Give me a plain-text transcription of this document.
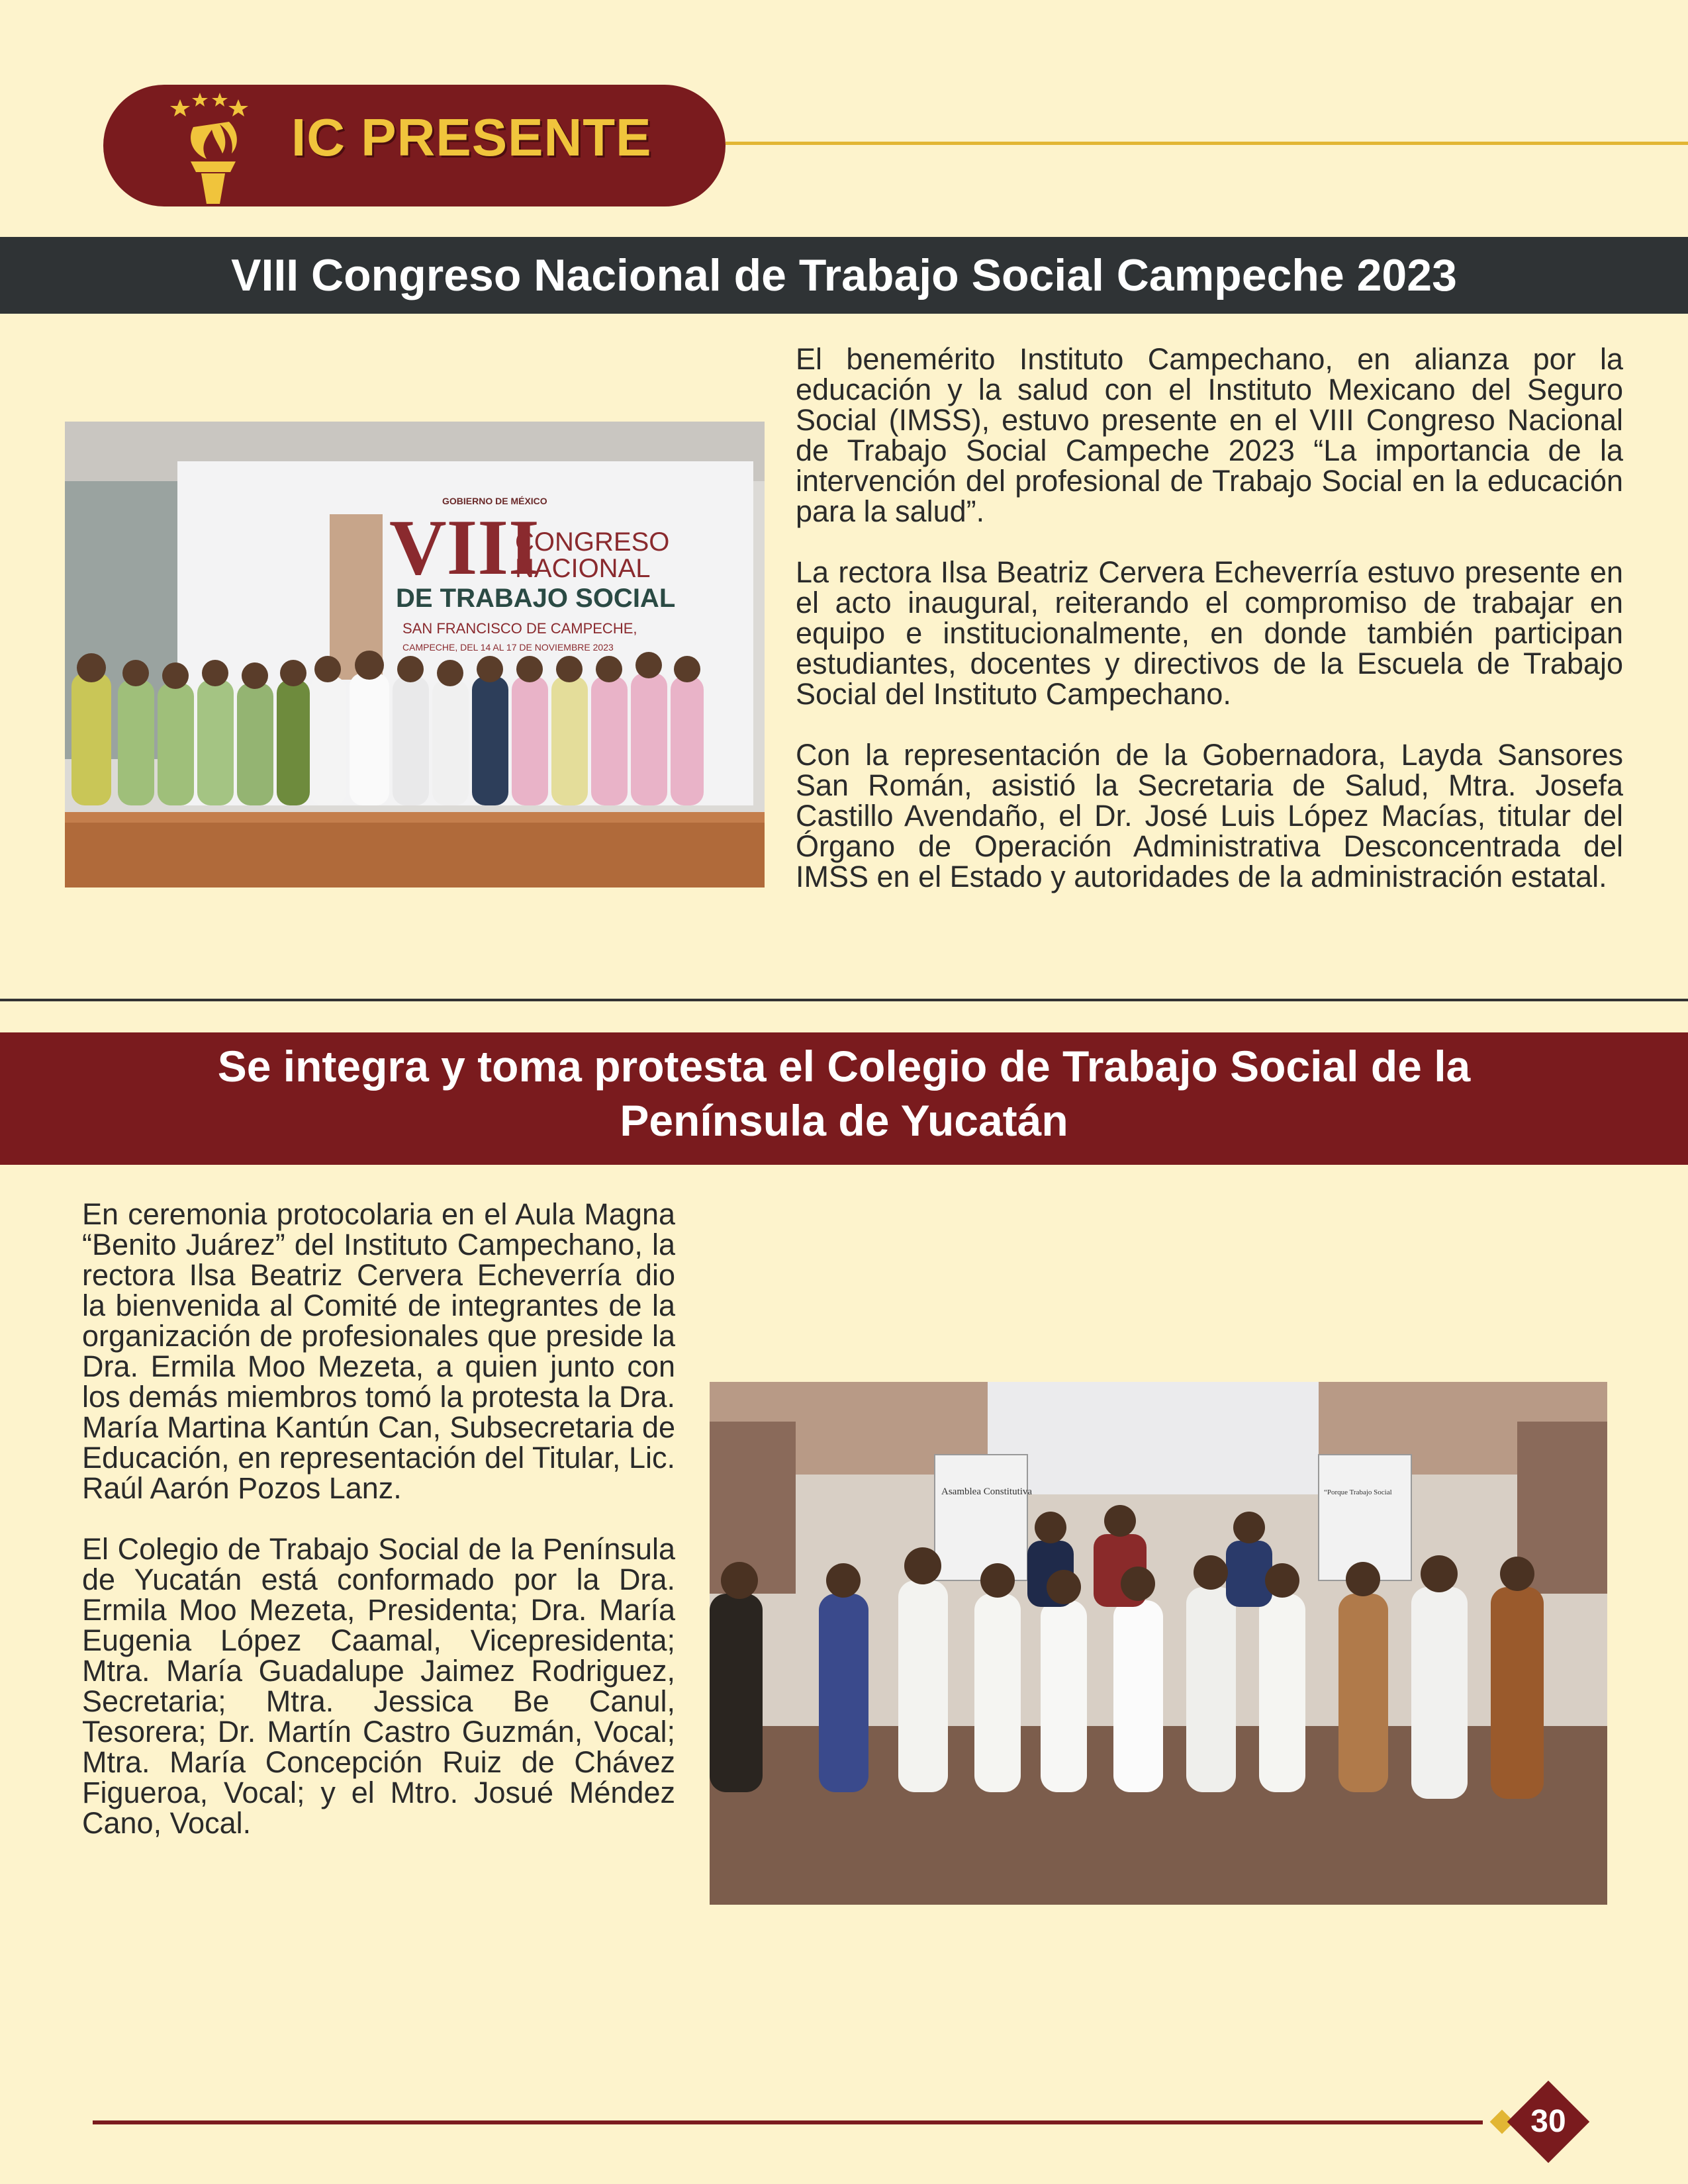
IC PRESENTE
VIII Congreso Nacional de Trabajo Social Campeche 2023
GOBIERNO DE MÉXICO
VIII
CONGRESO
NACIONAL
DE TRABAJO SOCIAL
SAN FRANCISCO DE CAMPECHE,
CAMPECHE, DEL 14 AL 17 DE NOVIEMBRE 2023

El benemérito Instituto Campechano, en alianza por la educación y la salud con el Instituto Mexicano del Seguro Social (IMSS), estuvo presente en el VIII Congreso Nacional de Trabajo Social Campeche 2023 “La importancia de la intervención del profesional de Trabajo Social en la educación para la salud”.

La rectora Ilsa Beatriz Cervera Echeverría estuvo presente en el acto inaugural, reiterando el compromiso de trabajar en equipo e institucionalmente, en donde también participan estudiantes, docentes y directivos de la Escuela de Trabajo Social del Instituto Campechano.

Con la representación de la Gobernadora, Layda Sansores San Román, asistió la Secretaria de Salud, Mtra. Josefa Castillo Avendaño, el Dr. José Luis López Macías, titular del Órgano de Operación Administrativa Desconcentrada del IMSS en el Estado y autoridades de la administración estatal.

Se integra y toma protesta el Colegio de Trabajo Social de la
Península de Yucatán

En ceremonia protocolaria en el Aula Magna “Benito Juárez” del Instituto Campechano, la rectora Ilsa Beatriz Cervera Echeverría dio la bienvenida al Comité de integrantes de la organización de profesionales que preside la Dra. Ermila Moo Mezeta, a quien junto con los demás miembros tomó la protesta la Dra. María Martina Kantún Can, Subsecretaria de Educación, en representación del Titular, Lic. Raúl Aarón Pozos Lanz.

El Colegio de Trabajo Social de la Península de Yucatán está conformado por la Dra. Ermila Moo Mezeta, Presidenta; Dra. María Eugenia López Caamal, Vicepresidenta; Mtra. María Guadalupe Jaimez Rodriguez, Secretaria; Mtra. Jessica Be Canul, Tesorera; Dr. Martín Castro Guzmán, Vocal; Mtra. María Concepción Ruiz de Chávez Figueroa, Vocal; y el Mtro. Josué Méndez Cano, Vocal.

Asamblea Constitutiva	“Porque Trabajo Social
30
